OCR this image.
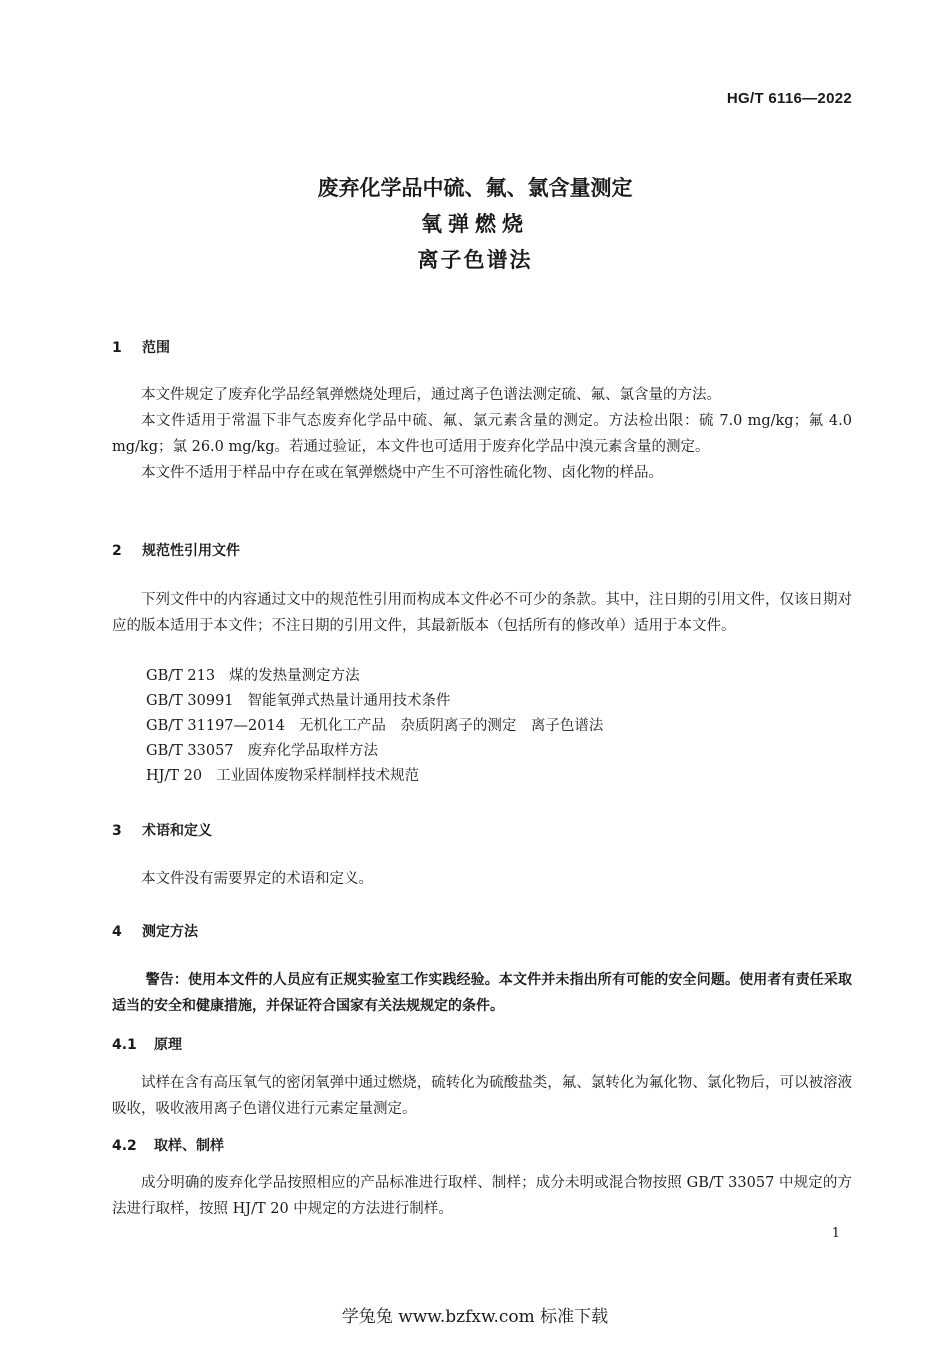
HG/T 6116—2022
废弃化学品中硫、氟、氯含量测定
氧弹燃烧
离子色谱法
1 范围

本文件规定了废弃化学品经氧弹燃烧处理后，通过离子色谱法测定硫、氟、氯含量的方法。

本文件适用于常温下非气态废弃化学品中硫、氟、氯元素含量的测定。方法检出限：硫 7.0 mg/kg；氟 4.0 mg/kg；氯 26.0 mg/kg。若通过验证，本文件也可适用于废弃化学品中溴元素含量的测定。

本文件不适用于样品中存在或在氧弹燃烧中产生不可溶性硫化物、卤化物的样品。

2 规范性引用文件

下列文件中的内容通过文中的规范性引用而构成本文件必不可少的条款。其中，注日期的引用文件，仅该日期对应的版本适用于本文件；不注日期的引用文件，其最新版本（包括所有的修改单）适用于本文件。

GB/T 213 煤的发热量测定方法
GB/T 30991 智能氧弹式热量计通用技术条件
GB/T 31197—2014 无机化工产品　杂质阴离子的测定　离子色谱法
GB/T 33057 废弃化学品取样方法
HJ/T 20 工业固体废物采样制样技术规范
3 术语和定义

本文件没有需要界定的术语和定义。

4 测定方法
警告：使用本文件的人员应有正规实验室工作实践经验。本文件并未指出所有可能的安全问题。使用者有责任采取适当的安全和健康措施，并保证符合国家有关法规规定的条件。
4.1 原理

试样在含有高压氧气的密闭氧弹中通过燃烧，硫转化为硫酸盐类，氟、氯转化为氟化物、氯化物后，可以被溶液吸收，吸收液用离子色谱仪进行元素定量测定。

4.2 取样、制样

成分明确的废弃化学品按照相应的产品标准进行取样、制样；成分未明或混合物按照 GB/T 33057 中规定的方法进行取样，按照 HJ/T 20 中规定的方法进行制样。

1
学兔兔 www.bzfxw.com 标准下载
